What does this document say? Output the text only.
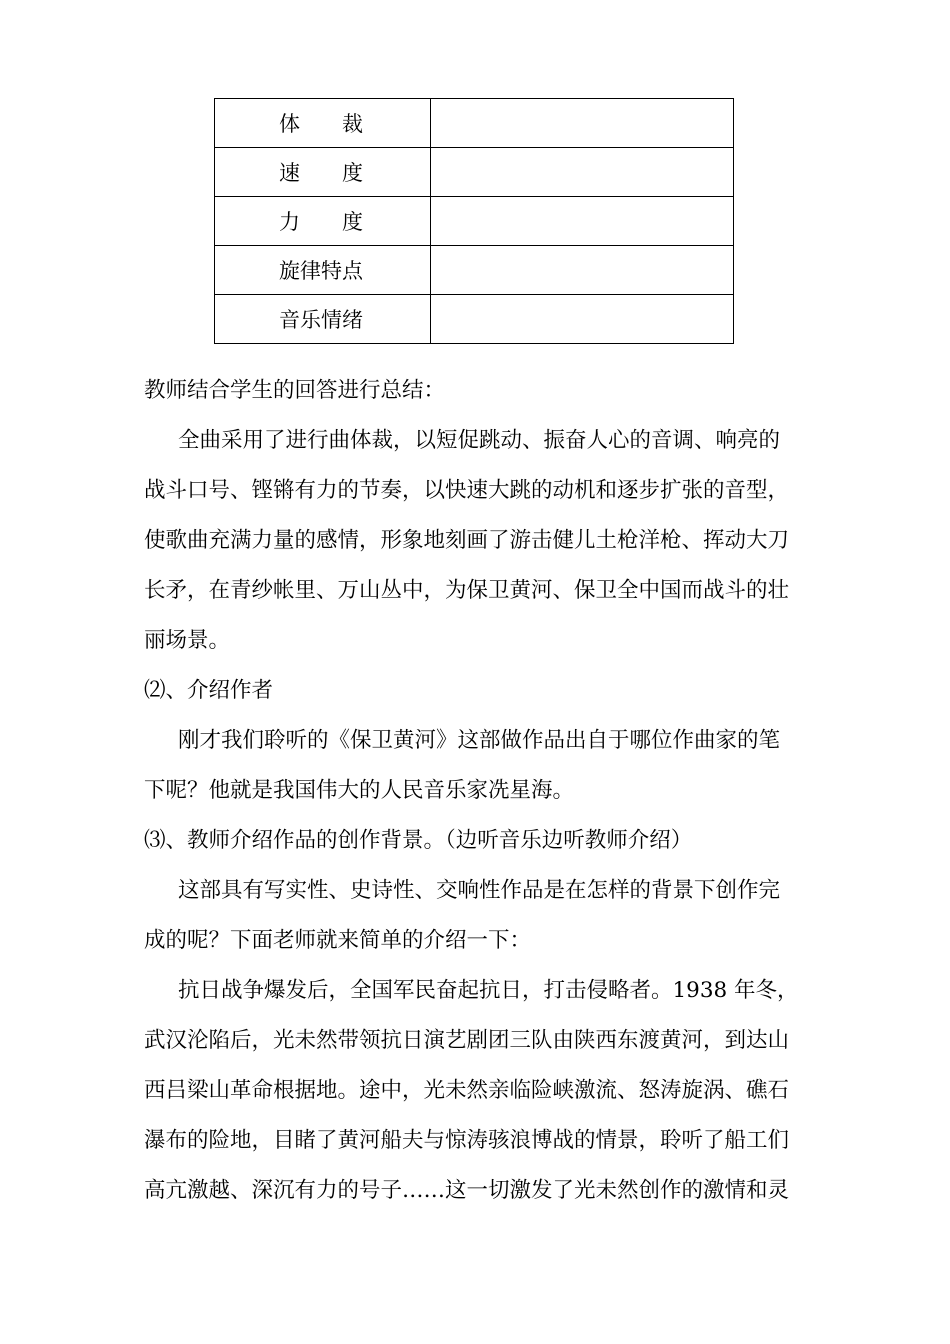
体　　裁	
速　　度	
力　　度	
旋律特点	
音乐情绪	

教师结合学生的回答进行总结：

全曲采用了进行曲体裁，以短促跳动、振奋人心的音调、响亮的

战斗口号、铿锵有力的节奏，以快速大跳的动机和逐步扩张的音型，

使歌曲充满力量的感情，形象地刻画了游击健儿土枪洋枪、挥动大刀

长矛，在青纱帐里、万山丛中，为保卫黄河、保卫全中国而战斗的壮

丽场景。

⑵、介绍作者

刚才我们聆听的《保卫黄河》这部做作品出自于哪位作曲家的笔

下呢？他就是我国伟大的人民音乐家冼星海。

⑶、教师介绍作品的创作背景。（边听音乐边听教师介绍）

这部具有写实性、史诗性、交响性作品是在怎样的背景下创作完

成的呢？下面老师就来简单的介绍一下：

抗日战争爆发后，全国军民奋起抗日，打击侵略者。1938 年冬，

武汉沦陷后，光未然带领抗日演艺剧团三队由陕西东渡黄河，到达山

西吕梁山革命根据地。途中，光未然亲临险峡激流、怒涛旋涡、礁石

瀑布的险地，目睹了黄河船夫与惊涛骇浪博战的情景，聆听了船工们

高亢激越、深沉有力的号子……这一切激发了光未然创作的激情和灵
